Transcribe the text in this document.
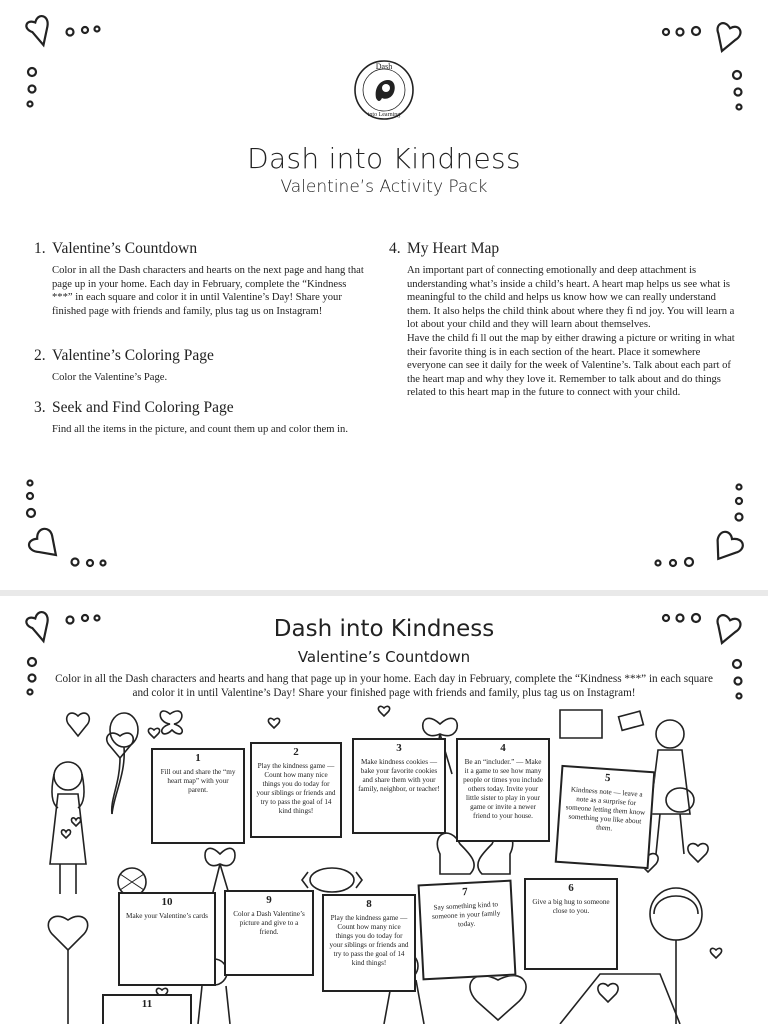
Dash
into Learning
Dash into Kindness
Valentine’s Activity Pack
1. Valentine’s Countdown
Color in all the Dash characters and hearts on the next page and hang that page up in your home. Each day in February, complete the “Kindness ***” in each square and color it in until Valentine’s Day! Share your finished page with friends and family, plus tag us on Instagram!
2. Valentine’s Coloring Page
Color the Valentine’s Page.
3. Seek and Find Coloring Page
Find all the items in the picture, and count them up and color them in.
4. My Heart Map
An important part of connecting emotionally and deep attachment is understanding what’s inside a child’s heart. A heart map helps us see what is meaningful to the child and helps us know how we can really understand them. It also helps the child think about where they fi nd joy. You will learn a lot about your child and they will learn about themselves.
Have the child fi ll out the map by either drawing a picture or writing in what their favorite thing is in each section of the heart. Place it somewhere everyone can see it daily for the week of Valentine’s. Talk about each part of the heart map and why they love it. Remember to talk about and do things related to this heart map in the future to connect with your child.
Dash into Kindness
Valentine’s Countdown
Color in all the Dash characters and hearts and hang that page up in your home. Each day in February, complete the “Kindness ***” in each square and color it in until Valentine’s Day! Share your finished page with friends and family, plus tag us on Instagram!
1
Fill out and share the “my heart map” with your parent.
2
Play the kindness game — Count how many nice things you do today for your siblings or friends and try to pass the goal of 14 kind things!
3
Make kindness cookies — bake your favorite cookies and share them with your family, neighbor, or teacher!
4
Be an “includer.” — Make it a game to see how many people or times you include others today. Invite your little sister to play in your game or invite a newer friend to your house.
5
Kindness note — leave a note as a surprise for someone letting them know something you like about them.
6
Give a big hug to someone close to you.
7
Say something kind to someone in your family today.
8
Play the kindness game — Count how many nice things you do today for your siblings or friends and try to pass the goal of 14 kind things!
9
Color a Dash Valentine’s picture and give to a friend.
10
Make your Valentine’s cards
11
